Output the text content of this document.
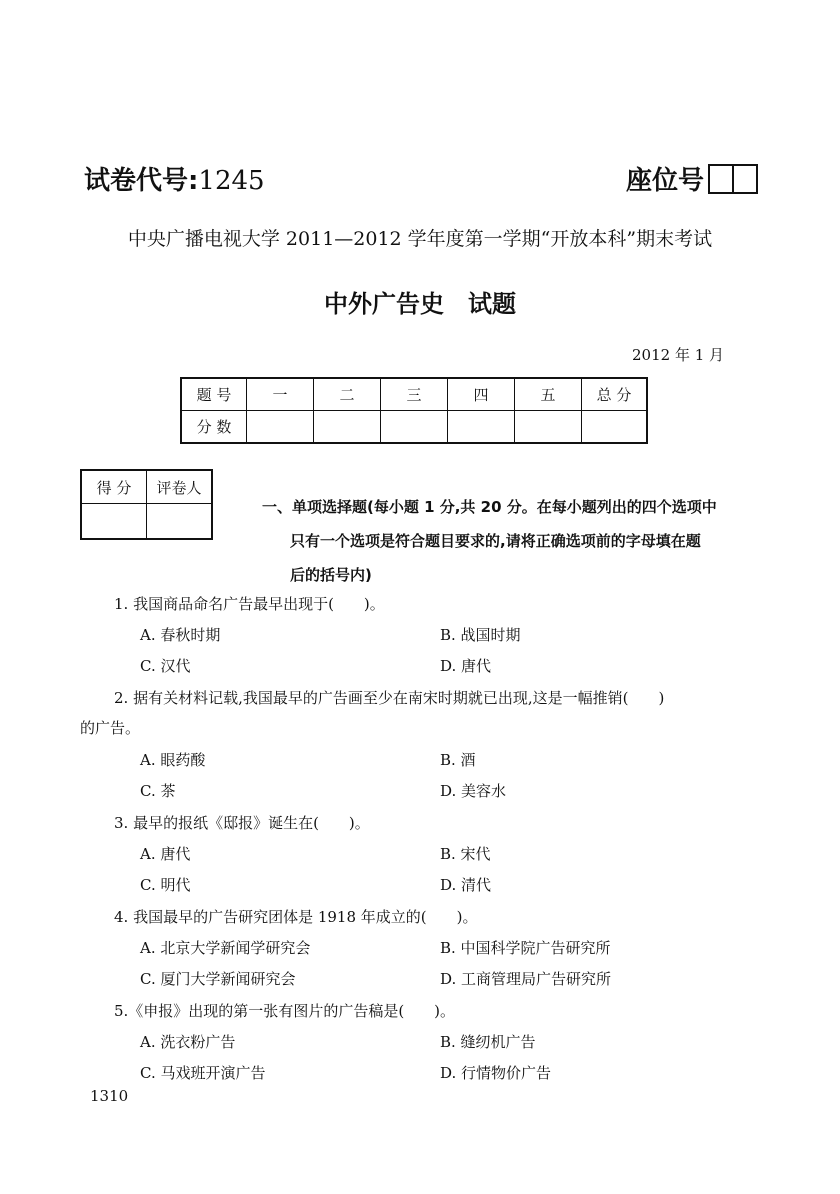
试卷代号:1245	座位号
中央广播电视大学 2011—2012 学年度第一学期“开放本科”期末考试
中外广告史　试题
2012 年 1 月
题 号	一	二	三	四	五	总 分
分 数						
得 分	评卷人

一、单项选择题(每小题 1 分,共 20 分。在每小题列出的四个选项中
只有一个选项是符合题目要求的,请将正确选项前的字母填在题
后的括号内)
1. 我国商品命名广告最早出现于(　　)。
A. 春秋时期	B. 战国时期
C. 汉代	D. 唐代
2. 据有关材料记载,我国最早的广告画至少在南宋时期就已出现,这是一幅推销(　　)
的广告。
A. 眼药酸	B. 酒
C. 茶	D. 美容水
3. 最早的报纸《邸报》诞生在(　　)。
A. 唐代	B. 宋代
C. 明代	D. 清代
4. 我国最早的广告研究团体是 1918 年成立的(　　)。
A. 北京大学新闻学研究会	B. 中国科学院广告研究所
C. 厦门大学新闻研究会	D. 工商管理局广告研究所
5.《申报》出现的第一张有图片的广告稿是(　　)。
A. 洗衣粉广告	B. 缝纫机广告
C. 马戏班开演广告	D. 行情物价广告
1310
